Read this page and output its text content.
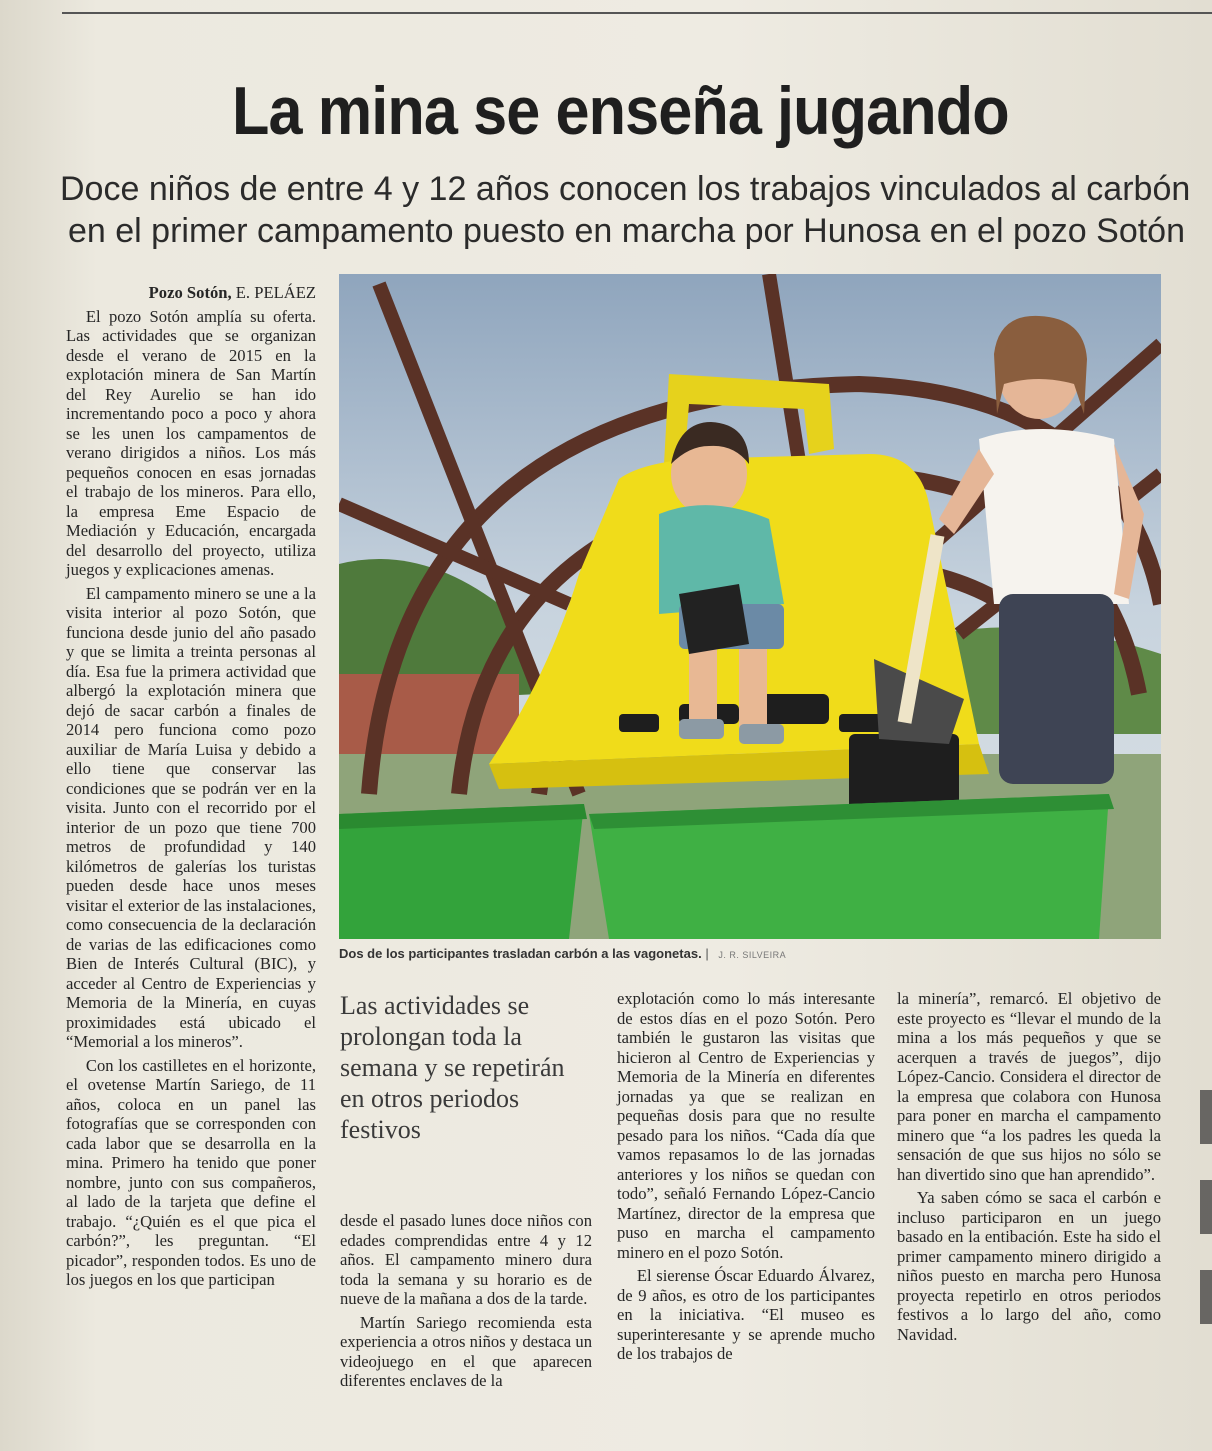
La mina se enseña jugando
Doce niños de entre 4 y 12 años conocen los trabajos vinculados al carbón
en el primer campamento puesto en marcha por Hunosa en el pozo Sotón

Pozo Sotón, E. PELÁEZ

El pozo Sotón amplía su oferta. Las actividades que se organizan desde el verano de 2015 en la explotación minera de San Martín del Rey Aurelio se han ido incrementando poco a poco y ahora se les unen los campamentos de verano dirigidos a niños. Los más pequeños conocen en esas jornadas el trabajo de los mineros. Para ello, la empresa Eme Espacio de Mediación y Educación, encargada del desarrollo del proyecto, utiliza juegos y explicaciones amenas.

El campamento minero se une a la visita interior al pozo Sotón, que funciona desde junio del año pasado y que se limita a treinta personas al día. Esa fue la primera actividad que albergó la explotación minera que dejó de sacar carbón a finales de 2014 pero funciona como pozo auxiliar de María Luisa y debido a ello tiene que conservar las condiciones que se podrán ver en la visita. Junto con el recorrido por el interior de un pozo que tiene 700 metros de profundidad y 140 kilómetros de galerías los turistas pueden desde hace unos meses visitar el exterior de las instalaciones, como consecuencia de la declaración de varias de las edificaciones como Bien de Interés Cultural (BIC), y acceder al Centro de Experiencias y Memoria de la Minería, en cuyas proximidades está ubicado el “Memorial a los mineros”.

Con los castilletes en el horizonte, el ovetense Martín Sariego, de 11 años, coloca en un panel las fotografías que se corresponden con cada labor que se desarrolla en la mina. Primero ha tenido que poner nombre, junto con sus compañeros, al lado de la tarjeta que define el trabajo. “¿Quién es el que pica el carbón?”, les preguntan. “El picador”, responden todos. Es uno de los juegos en los que participan

Dos de los participantes trasladan carbón a las vagonetas. | J. R. SILVEIRA
Las actividades se prolongan toda la semana y se repetirán en otros periodos festivos

desde el pasado lunes doce niños con edades comprendidas entre 4 y 12 años. El campamento minero dura toda la semana y su horario es de nueve de la mañana a dos de la tarde.

Martín Sariego recomienda esta experiencia a otros niños y destaca un videojuego en el que aparecen diferentes enclaves de la

explotación como lo más interesante de estos días en el pozo Sotón. Pero también le gustaron las visitas que hicieron al Centro de Experiencias y Memoria de la Minería en diferentes jornadas ya que se realizan en pequeñas dosis para que no resulte pesado para los niños. “Cada día que vamos repasamos lo de las jornadas anteriores y los niños se quedan con todo”, señaló Fernando López-Cancio Martínez, director de la empresa que puso en marcha el campamento minero en el pozo Sotón.

El sierense Óscar Eduardo Álvarez, de 9 años, es otro de los participantes en la iniciativa. “El museo es superinteresante y se aprende mucho de los trabajos de

la minería”, remarcó. El objetivo de este proyecto es “llevar el mundo de la mina a los más pequeños y que se acerquen a través de juegos”, dijo López-Cancio. Considera el director de la empresa que colabora con Hunosa para poner en marcha el campamento minero que “a los padres les queda la sensación de que sus hijos no sólo se han divertido sino que han aprendido”.

Ya saben cómo se saca el carbón e incluso participaron en un juego basado en la entibación. Este ha sido el primer campamento minero dirigido a niños puesto en marcha pero Hunosa proyecta repetirlo en otros periodos festivos a lo largo del año, como Navidad.
